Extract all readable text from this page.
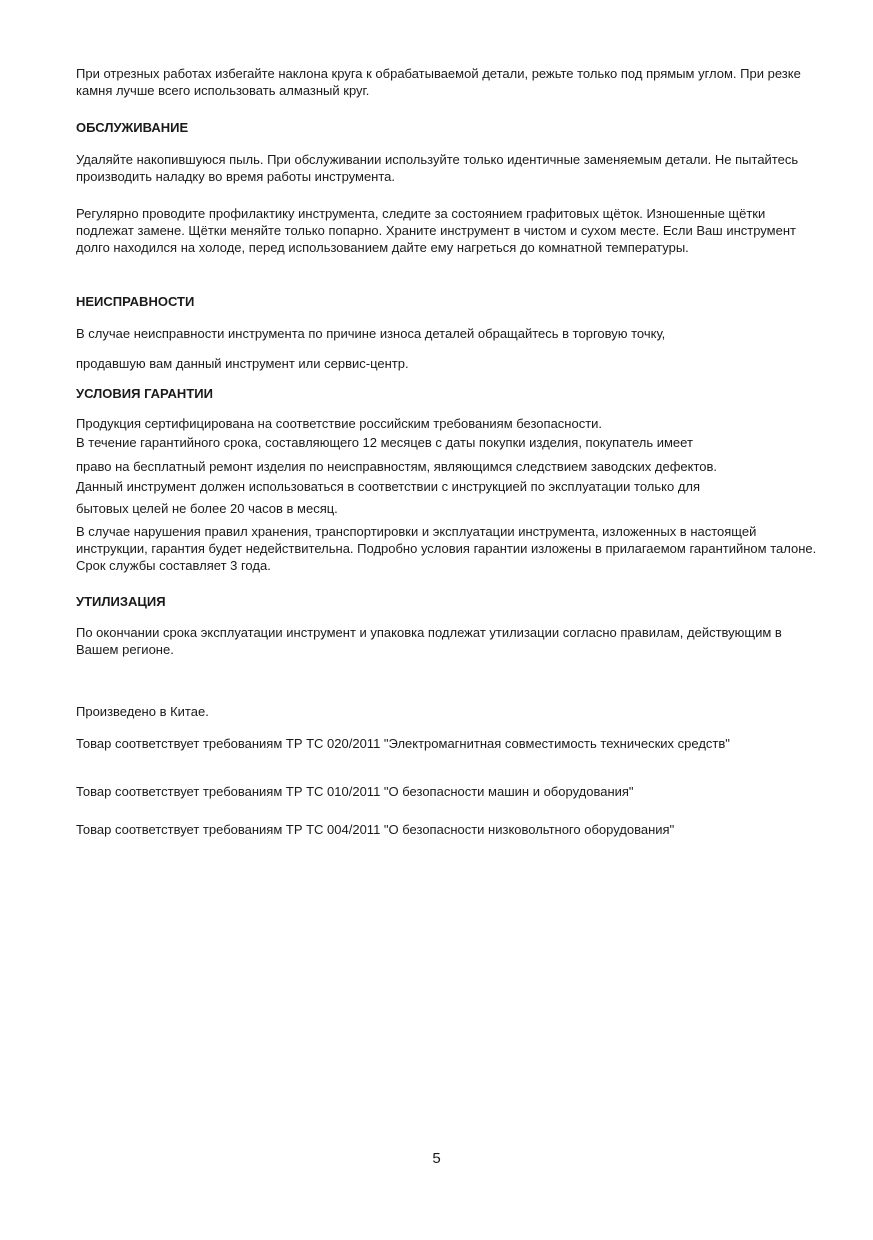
При отрезных работах избегайте наклона круга к обрабатываемой детали, режьте только под прямым углом. При резке камня лучше всего использовать алмазный круг.

ОБСЛУЖИВАНИЕ

Удаляйте накопившуюся пыль. При обслуживании используйте только идентичные заменяемым детали. Не пытайтесь производить наладку во время работы инструмента.

Регулярно проводите профилактику инструмента, следите за состоянием графитовых щёток. Изношенные щётки подлежат замене. Щётки меняйте только попарно. Храните инструмент в чистом и сухом месте. Если Ваш инструмент долго находился на холоде, перед использованием дайте ему нагреться до комнатной температуры.

НЕИСПРАВНОСТИ

В случае неисправности инструмента по причине износа деталей обращайтесь в торговую точку,

продавшую вам данный инструмент или сервис-центр.

УСЛОВИЯ ГАРАНТИИ

Продукция сертифицирована на соответствие российским требованиям безопасности.

В течение гарантийного срока, составляющего 12 месяцев с даты покупки изделия, покупатель имеет

право на бесплатный ремонт изделия по неисправностям, являющимся следствием заводских дефектов.

Данный инструмент должен использоваться в соответствии с инструкцией по эксплуатации только для

бытовых целей не более 20 часов в месяц.

В случае нарушения правил хранения, транспортировки и эксплуатации инструмента, изложенных в настоящей инструкции, гарантия будет недействительна. Подробно условия гарантии изложены в прилагаемом гарантийном талоне. Срок службы составляет 3 года.

УТИЛИЗАЦИЯ

По окончании срока эксплуатации инструмент и упаковка подлежат утилизации согласно правилам, действующим в Вашем регионе.

Произведено в Китае.

Товар соответствует требованиям ТР ТС 020/2011 "Электромагнитная совместимость технических средств"

Товар соответствует требованиям ТР ТС 010/2011 "О безопасности машин и оборудования"

Товар соответствует требованиям ТР ТС 004/2011 "О безопасности низковольтного оборудования"

5
